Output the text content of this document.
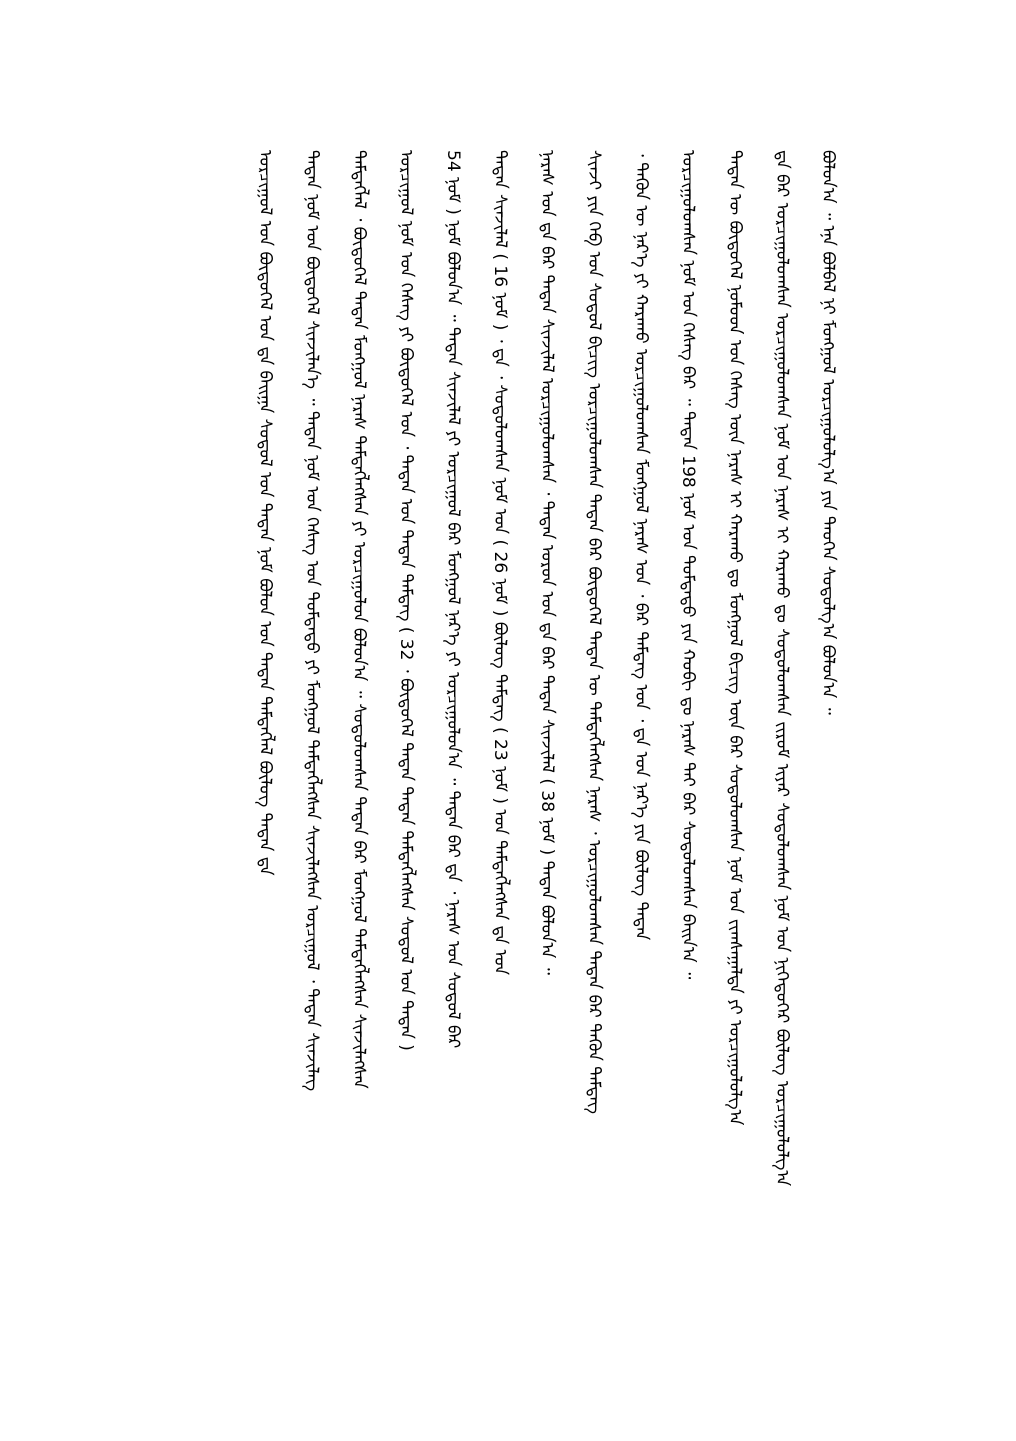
ᠪᠣᠯᠣᠨ᠎ᠠ ᠃ ᠡᠨᠡ ᠪᠣᠯᠪᠠᠯ ᠨᠢ ᠮᠣᠩᠭᠣᠯ ᠣᠷᠴᠢᠭᠤᠯᠤᠯᠭ᠎ᠠ ᠶᠢᠨ ᠲᠡᠦᠬᠡᠨ ᠰᠤᠳᠤᠯᠭ᠎ᠠ ᠪᠣᠯᠤᠨ᠎ᠠ ᠃
ᠳ᠋ᠠ ᠪᠠᠷ ᠣᠷᠴᠢᠭᠤᠯᠤᠭᠰᠠᠨ ᠣᠷᠴᠢᠭᠤᠯᠤᠭᠰᠠᠨ ᠨᠣᠮ ᠤᠨ ᠨᠡᠷᠡᠰ ᠢ ᠬᠠᠷᠠᠬᠤ ᠳᠤ ᠰᠤᠳᠤᠯᠤᠭᠰᠠᠨ ᠵᠢᠷᠤᠮ ᠢᠶᠠᠷ ᠰᠣᠳᠣᠯᠤᠭᠰᠠᠨ ᠨᠣᠮ ᠤᠨ ᠨᠢᠭᠡᠳᠦᠭᠡᠷ ᠪᠦᠯᠦᠭ ᠣᠷᠴᠢᠭᠤᠯᠤᠯᠭ᠎ᠠ
ᠲᠡᠳᠡᠨ ᠦ ᠪᠦᠲᠦᠭᠡᠯ ᠨᠣᠮᠤᠳ ᠤᠨ ᠬᠡᠰᠡᠭ ᠦᠨ ᠨᠡᠷᠡᠰ ᠢ ᠬᠠᠷᠠᠬᠤ ᠳᠤ ᠮᠣᠩᠭᠣᠯ ᠪᠢᠴᠢᠭ ᠦᠨ ᠪᠠᠷ ᠰᠣᠳᠣᠯᠤᠭᠰᠠᠨ ᠨᠣᠮ ᠤᠨ ᠵᠢᠭᠰᠠᠭᠠᠯᠲᠠ ᠶᠢ ᠣᠷᠴᠢᠭᠤᠯᠤᠯᠭ᠎ᠠ
ᠣᠷᠴᠢᠭᠤᠯᠤᠭᠰᠠᠨ ᠨᠣᠮ ᠤᠨ ᠬᠡᠰᠡᠭ ᠪᠠᠷ ᠃ ᠲᠡᠳᠡᠨ 198 ᠨᠣᠮ ᠤᠨ ᠳᠤᠮᠳᠠᠳᠤ ᠶᠢᠨ ᠬᠤᠪᠢ ᠳᠤ ᠨᠡᠷᠡᠰ ᠲᠠᠢ ᠪᠠᠷ ᠰᠤᠳᠤᠯᠤᠭᠰᠠᠨ ᠪᠠᠢᠨ᠎ᠠ ᠃
᠂ ᠲᠡᠭᠦᠨ ᠦ ᠨᠡᠷ᠎ᠡ ᠶᠢ ᠬᠠᠷᠠᠬᠤ ᠣᠷᠴᠢᠭᠤᠯᠤᠭᠰᠠᠨ ᠮᠣᠩᠭᠣᠯ ᠨᠡᠷᠡᠰ ᠤᠨ ᠂ ᠪᠠᠷ ᠲᠡᠮᠳᠡᠭ ᠤᠨ ᠂ ᠳ᠋ᠠ ᠤᠨ ᠨᠡᠷ᠎ᠡ ᠶᠢᠨ ᠪᠦᠯᠦᠭ ᠲᠡᠳᠡᠨ
ᠰᠢᠨᠵᠢ ᠶᠢᠨ ᠬᠡᠪ ᠤᠨ ᠰᠤᠳᠤᠯ ᠪᠢᠴᠢᠭ ᠣᠷᠴᠢᠭᠤᠯᠤᠭᠰᠠᠨ ᠲᠡᠳᠡᠨ ᠪᠠᠷ ᠪᠦᠲᠦᠭᠡᠯ ᠲᠡᠳᠡᠨ ᠦ ᠲᠡᠮᠳᠡᠭᠯᠡᠭᠰᠡᠨ ᠨᠡᠷᠡᠰ ᠂ ᠣᠷᠴᠢᠭᠤᠯᠤᠭᠰᠠᠨ ᠲᠡᠳᠡᠨ ᠪᠠᠷ ᠲᠡᠭᠦᠨ ᠲᠡᠮᠳᠡᠭ
ᠨᠡᠷᠡᠰ ᠤᠨ ᠳ᠋ᠠ ᠪᠠᠷ ᠲᠡᠳᠡᠨ ᠰᠢᠨᠵᠢᠯᠡᠯ ᠣᠷᠴᠢᠭᠤᠯᠤᠭᠰᠠᠨ ᠂ ᠲᠡᠳᠡᠨ ᠣᠷᠤᠨ ᠤᠨ ᠳ᠋ᠠ ᠪᠠᠷ ᠲᠡᠳᠡᠨ ᠰᠢᠨᠵᠢᠯᠡᠯ ( 38 ᠨᠣᠮ ) ᠲᠡᠳᠡᠨ ᠪᠣᠯᠤᠨ᠎ᠠ ᠃
ᠲᠡᠳᠡᠨ ᠰᠢᠨᠵᠢᠯᠡᠯ ( 16 ᠨᠣᠮ ) ᠂ ᠳ᠋ᠠ ᠂ ᠰᠤᠳᠤᠯᠤᠭᠰᠠᠨ ᠨᠣᠮ ᠤᠨ ( 26 ᠨᠣᠮ ) ᠪᠦᠯᠦᠭ ᠲᠡᠮᠳᠡᠭ ( 23 ᠨᠣᠮ ) ᠤᠨ ᠲᠡᠮᠳᠡᠭᠯᠡᠭᠰᠡᠨ ᠳ᠋ᠠ ᠤᠨ
54 ᠨᠣᠮ ) ᠨᠣᠮ ᠪᠣᠯᠤᠨ᠎ᠠ ᠃ ᠲᠡᠳᠡᠨ ᠰᠢᠨᠵᠢᠯᠡᠯ ᠶᠢ ᠣᠷᠴᠢᠭᠤᠯ ᠪᠠᠷ ᠮᠣᠩᠭᠣᠯ ᠨᠡᠷ᠎ᠡ ᠶᠢ ᠣᠷᠴᠢᠭᠤᠯᠤᠨ᠎ᠠ ᠃ ᠲᠡᠳᠡᠨ ᠪᠠᠷ ᠳ᠋ᠠ ᠂ ᠨᠡᠷᠡᠰ ᠤᠨ ᠰᠤᠳᠤᠯ ᠪᠠᠷ
ᠣᠷᠴᠢᠭᠤᠯ ᠨᠣᠮ ᠤᠨ ᠬᠡᠰᠡᠭ ᠶᠢ ᠪᠦᠲᠦᠭᠡᠯ ᠤᠨ ᠂ ᠲᠡᠳᠡᠨ ᠤᠨ ᠲᠡᠳᠡᠨ ᠲᠡᠮᠳᠡᠭ ( 32 ᠂ ᠪᠦᠲᠦᠭᠡᠯ ᠲᠡᠳᠡᠨ ᠲᠡᠳᠡᠨ ᠲᠡᠮᠳᠡᠭᠯᠡᠭᠰᠡᠨ ᠰᠤᠳᠤᠯ ᠤᠨ ᠲᠡᠳᠡᠨ )
ᠲᠡᠮᠳᠡᠭᠯᠡᠯ ᠂ ᠪᠦᠲᠦᠭᠡᠯ ᠲᠡᠳᠡᠨ ᠮᠣᠩᠭᠣᠯ ᠨᠡᠷᠡᠰ ᠲᠡᠮᠳᠡᠭᠯᠡᠭᠰᠡᠨ ᠶᠢ ᠣᠷᠴᠢᠭᠤᠯᠤᠨ ᠪᠣᠯᠤᠨ᠎ᠠ ᠃ ᠰᠤᠳᠤᠯᠤᠭᠰᠠᠨ ᠲᠡᠳᠡᠨ ᠪᠠᠷ ᠮᠣᠩᠭᠣᠯ ᠲᠡᠮᠳᠡᠭᠯᠡᠭᠰᠡᠨ ᠰᠢᠨᠵᠢᠯᠡᠭᠰᠡᠨ
ᠲᠡᠳᠡᠨ ᠨᠣᠮ ᠤᠨ ᠪᠦᠲᠦᠭᠡᠯ ᠰᠢᠨᠵᠢᠯᠡᠨ᠎ᠡ ᠃ ᠲᠡᠳᠡᠨ ᠨᠣᠮ ᠤᠨ ᠬᠡᠰᠡᠭ ᠤᠨ ᠳᠤᠮᠳᠠᠳᠤ ᠶᠢ ᠮᠣᠩᠭᠣᠯ ᠲᠡᠮᠳᠡᠭᠯᠡᠭᠰᠡᠨ ᠰᠢᠨᠵᠢᠯᠡᠭᠰᠡᠨ ᠣᠷᠴᠢᠭᠤᠯ ᠂ ᠲᠡᠳᠡᠨ ᠰᠢᠨᠵᠢᠯᠡᠭ
ᠣᠷᠴᠢᠭᠤᠯ ᠤᠨ ᠪᠦᠲᠦᠭᠡᠯ ᠤᠨ ᠳ᠋ᠠ ᠪᠠᠢᠭᠠ ᠰᠤᠳᠤᠯ ᠤᠨ ᠲᠡᠳᠡᠨ ᠨᠣᠮ ᠪᠣᠯᠤᠨ ᠤᠨ ᠲᠡᠳᠡᠨ ᠲᠡᠮᠳᠡᠭᠯᠡᠯ ᠪᠦᠯᠦᠭ ᠲᠡᠳᠡᠨ ᠳ᠋ᠠ
